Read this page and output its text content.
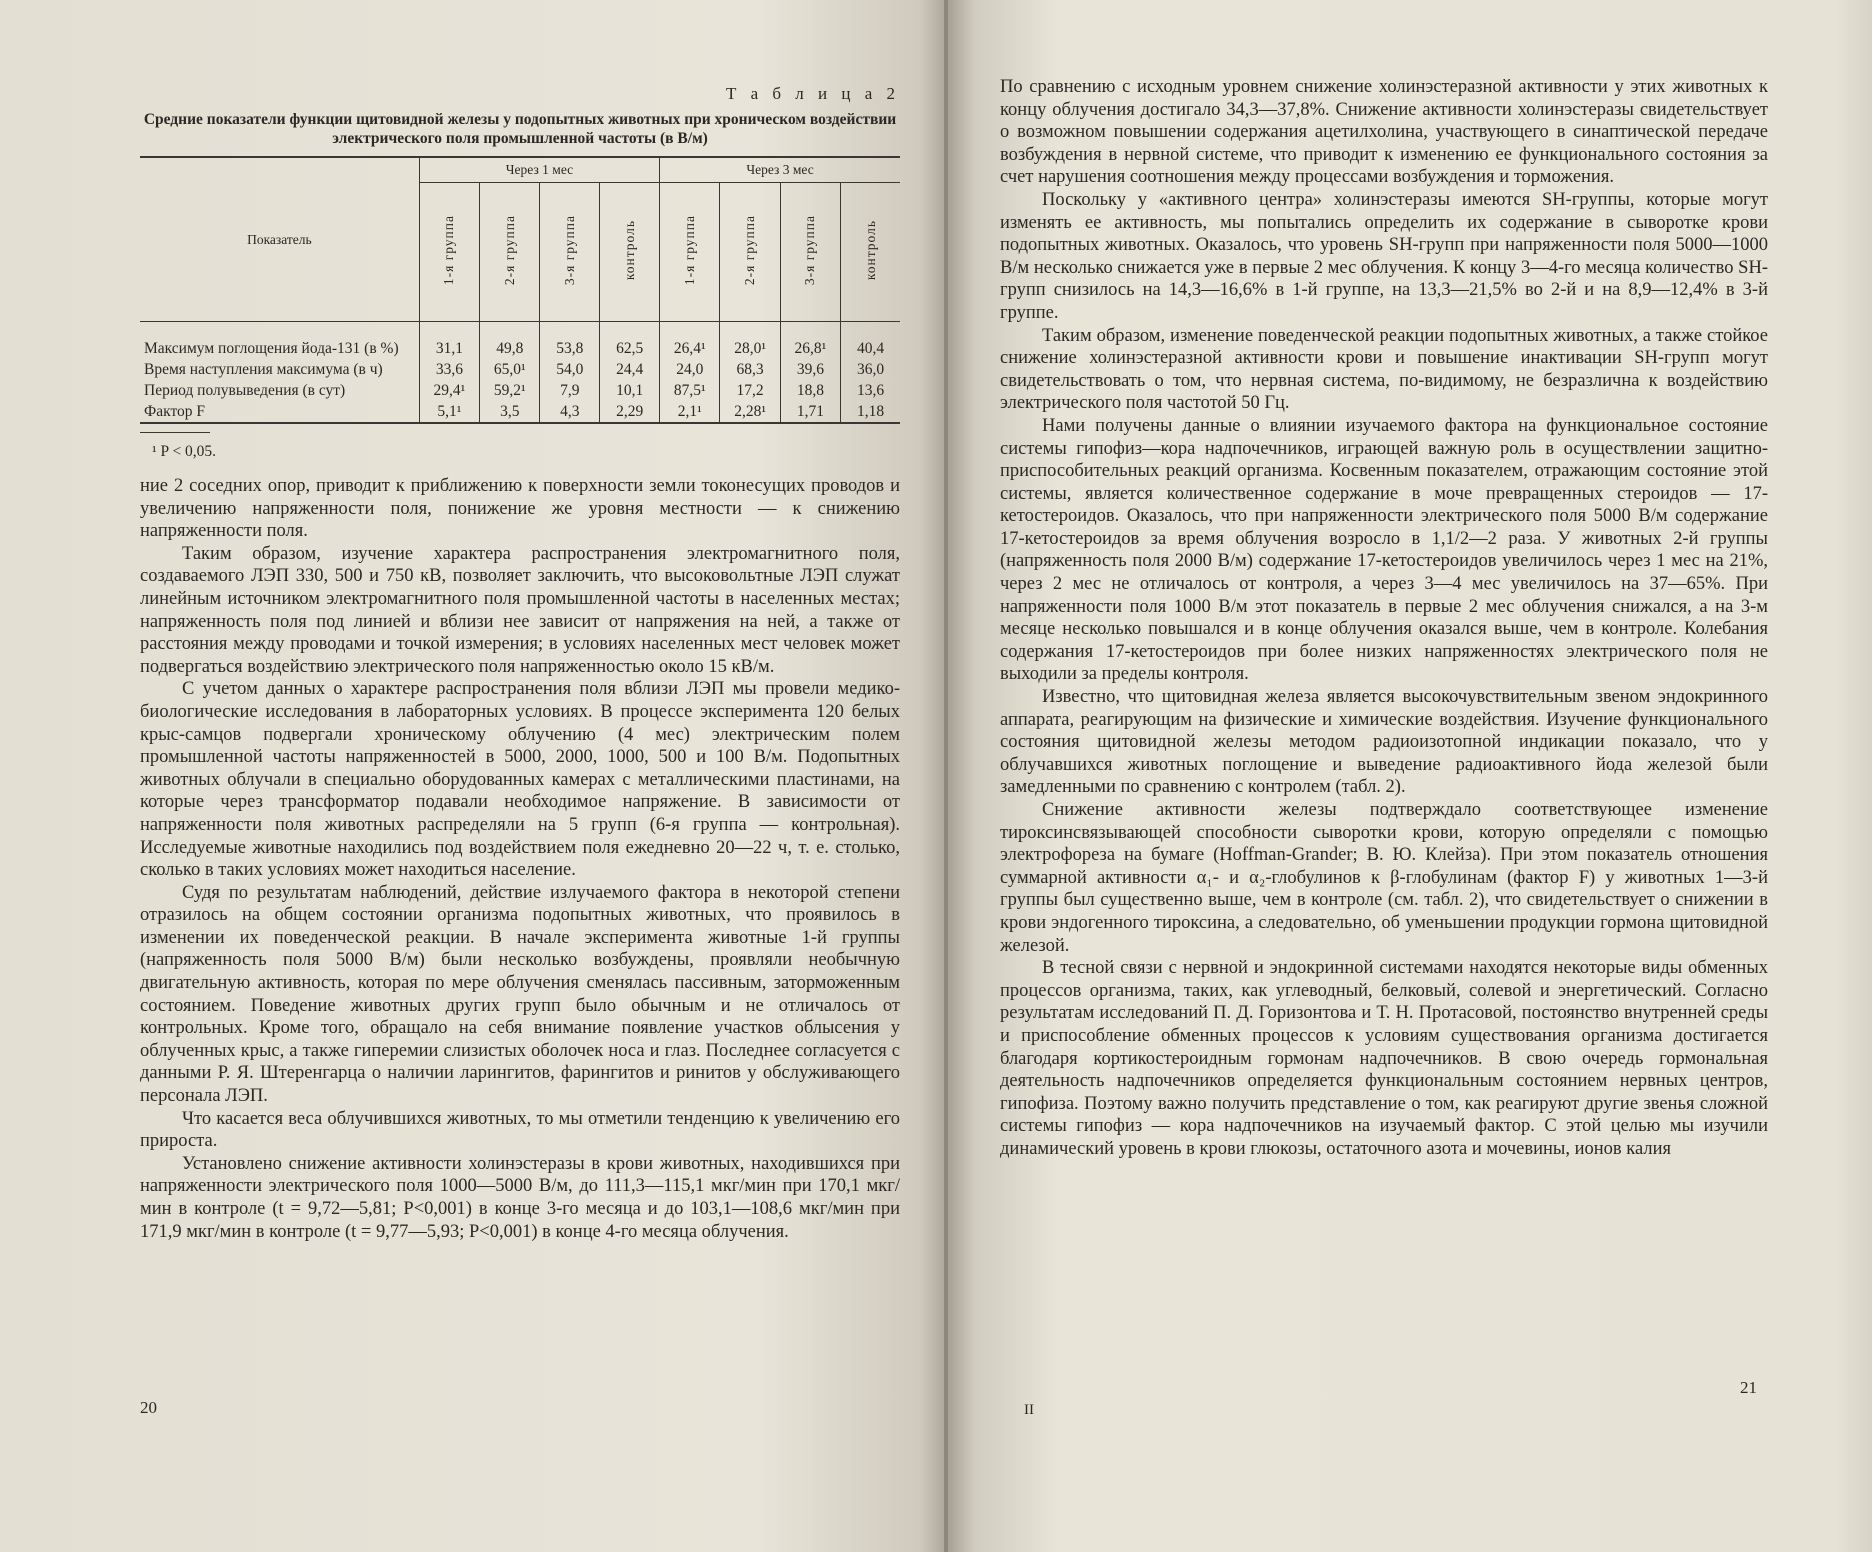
Т а б л и ц а 2
Средние показатели функции щитовидной железы у подопытных животных при хроническом воздействии электрического поля промышленной частоты (в В/м)
Показатель	Через 1 мес				Через 3 мес			
	1-я группа	2-я группа	3-я группа	контроль	1-я группа	2-я группа	3-я группа	контроль

Максимум поглощения йода-131 (в %)	31,1	49,8	53,8	62,5	26,4¹	28,0¹	26,8¹	40,4
Время наступления максимума (в ч)	33,6	65,0¹	54,0	24,4	24,0	68,3	39,6	36,0
Период полувыведения (в сут)	29,4¹	59,2¹	7,9	10,1	87,5¹	17,2	18,8	13,6
Фактор F	5,1¹	3,5	4,3	2,29	2,1¹	2,28¹	1,71	1,18
¹ P < 0,05.

ние 2 соседних опор, приводит к приближению к поверхности земли токонесущих проводов и увеличению напряженности поля, понижение же уровня местности — к снижению напряженности поля.

Таким образом, изучение характера распространения электромагнитного поля, создаваемого ЛЭП 330, 500 и 750 кВ, позволяет заключить, что высоковольтные ЛЭП служат линейным источником электромагнитного поля промышленной частоты в населенных местах; напряженность поля под линией и вблизи нее зависит от напряжения на ней, а также от расстояния между проводами и точкой измерения; в условиях населенных мест человек может подвергаться воздействию электрического поля напряженностью около 15 кВ/м.

С учетом данных о характере распространения поля вблизи ЛЭП мы провели медико-биологические исследования в лабораторных условиях. В процессе эксперимента 120 белых крыс-самцов подвергали хроническому облучению (4 мес) электрическим полем промышленной частоты напряженностей в 5000, 2000, 1000, 500 и 100 В/м. Подопытных животных облучали в специально оборудованных камерах с металлическими пластинами, на которые через трансформатор подавали необходимое напряжение. В зависимости от напряженности поля животных распределяли на 5 групп (6-я группа — контрольная). Исследуемые животные находились под воздействием поля ежедневно 20—22 ч, т. е. столько, сколько в таких условиях может находиться население.

Судя по результатам наблюдений, действие излучаемого фактора в некоторой степени отразилось на общем состоянии организма подопытных животных, что проявилось в изменении их поведенческой реакции. В начале эксперимента животные 1-й группы (напряженность поля 5000 В/м) были несколько возбуждены, проявляли необычную двигательную активность, которая по мере облучения сменялась пассивным, заторможенным состоянием. Поведение животных других групп было обычным и не отличалось от контрольных. Кроме того, обращало на себя внимание появление участков облысения у облученных крыс, а также гиперемии слизистых оболочек носа и глаз. Последнее согласуется с данными Р. Я. Штеренгарца о наличии ларингитов, фарингитов и ринитов у обслуживающего персонала ЛЭП.

Что касается веса облучившихся животных, то мы отметили тенденцию к увеличению его прироста.

Установлено снижение активности холинэстеразы в крови животных, находившихся при напряженности электрического поля 1000—5000 В/м, до 111,3—115,1 мкг/мин при 170,1 мкг/мин в контроле (t = 9,72—5,81; P<0,001) в конце 3-го месяца и до 103,1—108,6 мкг/мин при 171,9 мкг/мин в контроле (t = 9,77—5,93; P<0,001) в конце 4-го месяца облучения.

20

По сравнению с исходным уровнем снижение холинэстеразной активности у этих животных к концу облучения достигало 34,3—37,8%. Снижение активности холинэстеразы свидетельствует о возможном повышении содержания ацетилхолина, участвующего в синаптической передаче возбуждения в нервной системе, что приводит к изменению ее функционального состояния за счет нарушения соотношения между процессами возбуждения и торможения.

Поскольку у «активного центра» холинэстеразы имеются SH-группы, которые могут изменять ее активность, мы попытались определить их содержание в сыворотке крови подопытных животных. Оказалось, что уровень SH-групп при напряженности поля 5000—1000 В/м несколько снижается уже в первые 2 мес облучения. К концу 3—4-го месяца количество SH-групп снизилось на 14,3—16,6% в 1-й группе, на 13,3—21,5% во 2-й и на 8,9—12,4% в 3-й группе.

Таким образом, изменение поведенческой реакции подопытных животных, а также стойкое снижение холинэстеразной активности крови и повышение инактивации SH-групп могут свидетельствовать о том, что нервная система, по-видимому, не безразлична к воздействию электрического поля частотой 50 Гц.

Нами получены данные о влиянии изучаемого фактора на функциональное состояние системы гипофиз—кора надпочечников, играющей важную роль в осуществлении защитно-приспособительных реакций организма. Косвенным показателем, отражающим состояние этой системы, является количественное содержание в моче превращенных стероидов — 17-кетостероидов. Оказалось, что при напряженности электрического поля 5000 В/м содержание 17-кетостероидов за время облучения возросло в 1,1/2—2 раза. У животных 2-й группы (напряженность поля 2000 В/м) содержание 17-кетостероидов увеличилось через 1 мес на 21%, через 2 мес не отличалось от контроля, а через 3—4 мес увеличилось на 37—65%. При напряженности поля 1000 В/м этот показатель в первые 2 мес облучения снижался, а на 3-м месяце несколько повышался и в конце облучения оказался выше, чем в контроле. Колебания содержания 17-кетостероидов при более низких напряженностях электрического поля не выходили за пределы контроля.

Известно, что щитовидная железа является высокочувствительным звеном эндокринного аппарата, реагирующим на физические и химические воздействия. Изучение функционального состояния щитовидной железы методом радиоизотопной индикации показало, что у облучавшихся животных поглощение и выведение радиоактивного йода железой были замедленными по сравнению с контролем (табл. 2).

Снижение активности железы подтверждало соответствующее изменение тироксинсвязывающей способности сыворотки крови, которую определяли с помощью электрофореза на бумаге (Hoffman-Grander; В. Ю. Клейза). При этом показатель отношения суммарной активности α₁- и α₂-глобулинов к β-глобулинам (фактор F) у животных 1—3-й группы был существенно выше, чем в контроле (см. табл. 2), что свидетельствует о снижении в крови эндогенного тироксина, а следовательно, об уменьшении продукции гормона щитовидной железой.

В тесной связи с нервной и эндокринной системами находятся некоторые виды обменных процессов организма, таких, как углеводный, белковый, солевой и энергетический. Согласно результатам исследований П. Д. Горизонтова и Т. Н. Протасовой, постоянство внутренней среды и приспособление обменных процессов к условиям существования организма достигается благодаря кортикостероидным гормонам надпочечников. В свою очередь гормональная деятельность надпочечников определяется функциональным состоянием нервных центров, гипофиза. Поэтому важно получить представление о том, как реагируют другие звенья сложной системы гипофиз — кора надпочечников на изучаемый фактор. С этой целью мы изучили динамический уровень в крови глюкозы, остаточного азота и мочевины, ионов калия

21
II
